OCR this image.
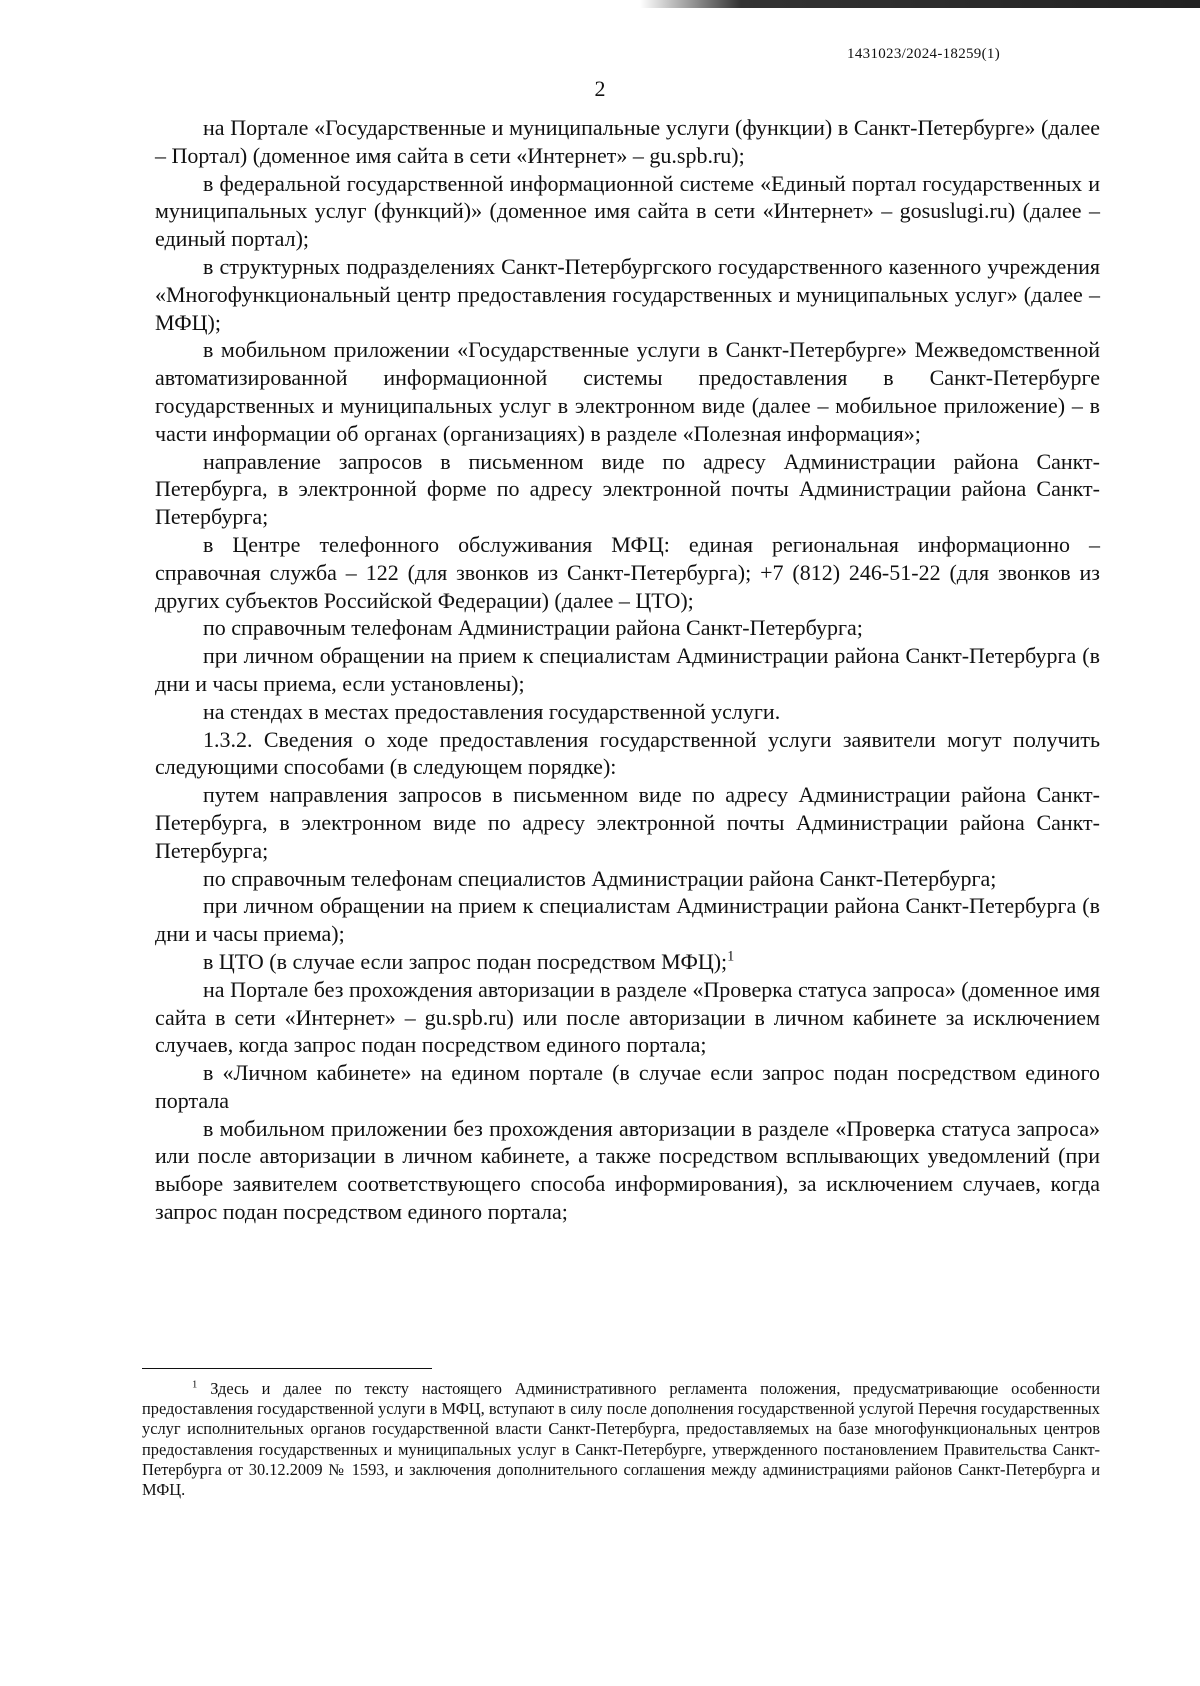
1431023/2024-18259(1)
2

на Портале «Государственные и муниципальные услуги (функции) в Санкт-Петербурге» (далее – Портал) (доменное имя сайта в сети «Интернет» – gu.spb.ru);

в федеральной государственной информационной системе «Единый портал государственных и муниципальных услуг (функций)» (доменное имя сайта в сети «Интернет» – gosuslugi.ru) (далее – единый портал);

в структурных подразделениях Санкт-Петербургского государственного казенного учреждения «Многофункциональный центр предоставления государственных и муниципальных услуг» (далее – МФЦ);

в мобильном приложении «Государственные услуги в Санкт-Петербурге» Межведомственной автоматизированной информационной системы предоставления в Санкт-Петербурге государственных и муниципальных услуг в электронном виде (далее – мобильное приложение) – в части информации об органах (организациях) в разделе «Полезная информация»;

направление запросов в письменном виде по адресу Администрации района Санкт-Петербурга, в электронной форме по адресу электронной почты Администрации района Санкт-Петербурга;

в Центре телефонного обслуживания МФЦ: единая региональная информационно – справочная служба – 122 (для звонков из Санкт-Петербурга); +7 (812) 246-51-22 (для звонков из других субъектов Российской Федерации) (далее – ЦТО);

по справочным телефонам Администрации района Санкт-Петербурга;

при личном обращении на прием к специалистам Администрации района Санкт-Петербурга (в дни и часы приема, если установлены);

на стендах в местах предоставления государственной услуги.

1.3.2. Сведения о ходе предоставления государственной услуги заявители могут получить следующими способами (в следующем порядке):

путем направления запросов в письменном виде по адресу Администрации района Санкт-Петербурга, в электронном виде по адресу электронной почты Администрации района Санкт-Петербурга;

по справочным телефонам специалистов Администрации района Санкт-Петербурга;

при личном обращении на прием к специалистам Администрации района Санкт-Петербурга (в дни и часы приема);

в ЦТО (в случае если запрос подан посредством МФЦ);$^1$

на Портале без прохождения авторизации в разделе «Проверка статуса запроса» (доменное имя сайта в сети «Интернет» – gu.spb.ru) или после авторизации в личном кабинете за исключением случаев, когда запрос подан посредством единого портала;

в «Личном кабинете» на едином портале (в случае если запрос подан посредством единого портала

в мобильном приложении без прохождения авторизации в разделе «Проверка статуса запроса» или после авторизации в личном кабинете, а также посредством всплывающих уведомлений (при выборе заявителем соответствующего способа информирования), за исключением случаев, когда запрос подан посредством единого портала;

$^1$ Здесь и далее по тексту настоящего Административного регламента положения, предусматривающие особенности предоставления государственной услуги в МФЦ, вступают в силу после дополнения государственной услугой Перечня государственных услуг исполнительных органов государственной власти Санкт-Петербурга, предоставляемых на базе многофункциональных центров предоставления государственных и муниципальных услуг в Санкт-Петербурге, утвержденного постановлением Правительства Санкт-Петербурга от 30.12.2009 № 1593, и заключения дополнительного соглашения между администрациями районов Санкт-Петербурга и МФЦ.
